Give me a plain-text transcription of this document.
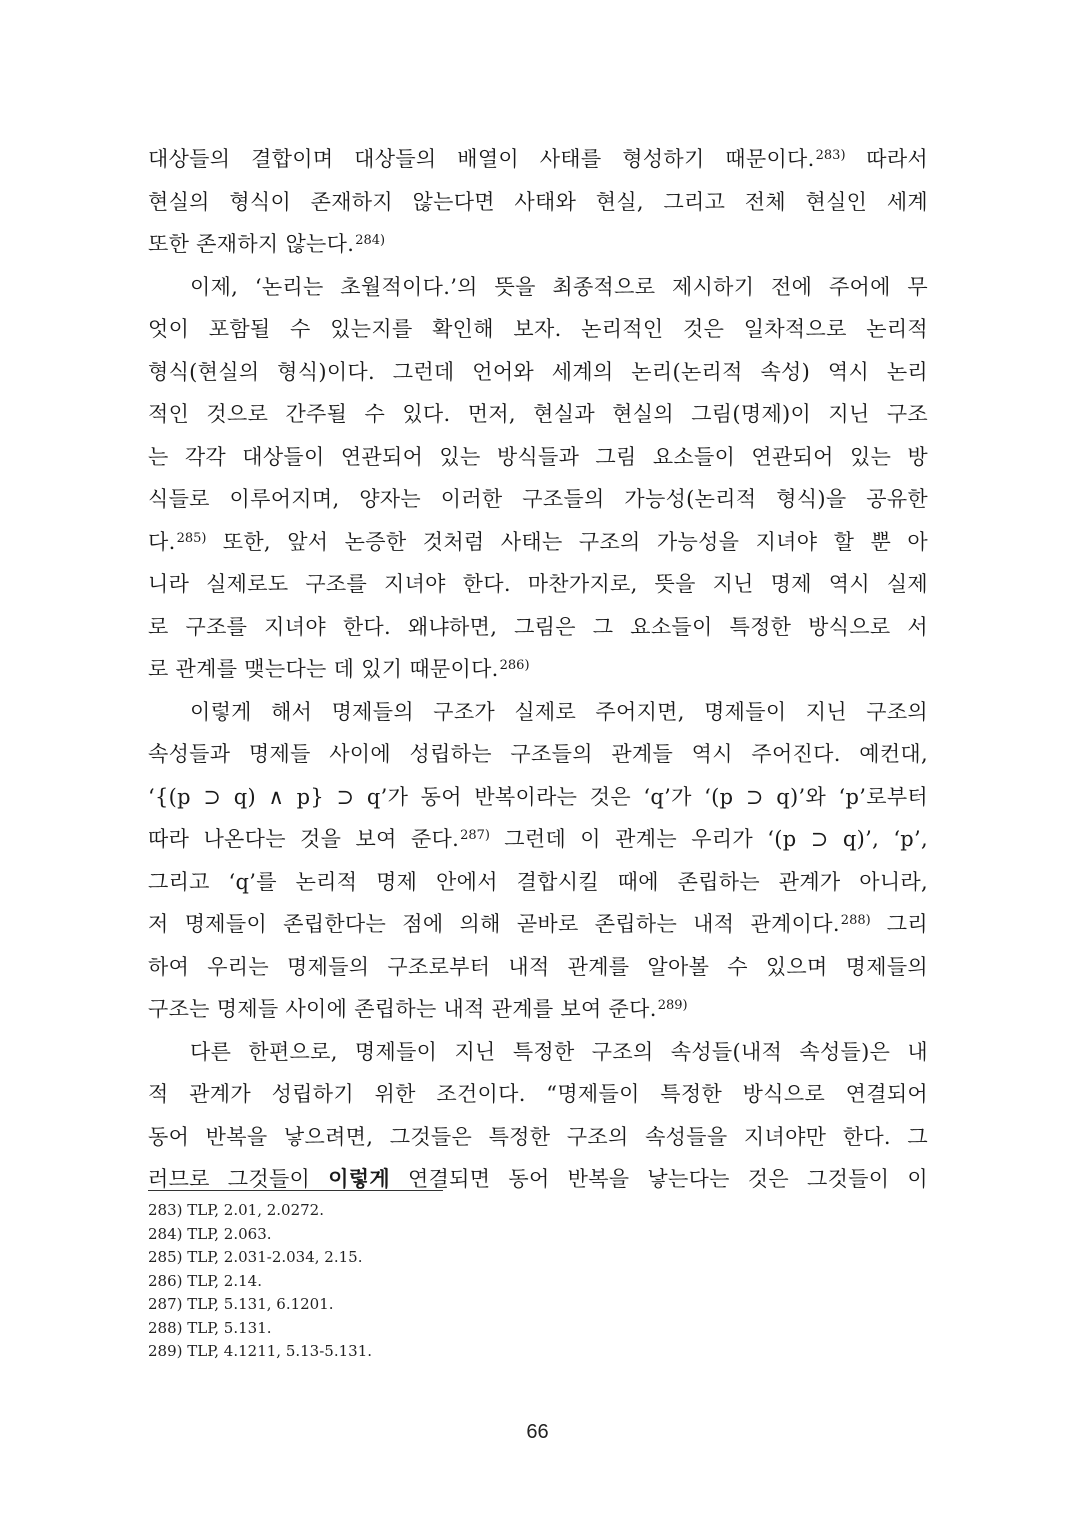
대상들의 결합이며 대상들의 배열이 사태를 형성하기 때문이다.$^{283)}$ 따라서
현실의 형식이 존재하지 않는다면 사태와 현실, 그리고 전체 현실인 세계
또한 존재하지 않는다.$^{284)}$

이제, ‘논리는 초월적이다.’의 뜻을 최종적으로 제시하기 전에 주어에 무
엇이 포함될 수 있는지를 확인해 보자. 논리적인 것은 일차적으로 논리적
형식(현실의 형식)이다. 그런데 언어와 세계의 논리(논리적 속성) 역시 논리
적인 것으로 간주될 수 있다. 먼저, 현실과 현실의 그림(명제)이 지닌 구조
는 각각 대상들이 연관되어 있는 방식들과 그림 요소들이 연관되어 있는 방
식들로 이루어지며, 양자는 이러한 구조들의 가능성(논리적 형식)을 공유한
다.$^{285)}$ 또한, 앞서 논증한 것처럼 사태는 구조의 가능성을 지녀야 할 뿐 아
니라 실제로도 구조를 지녀야 한다. 마찬가지로, 뜻을 지닌 명제 역시 실제
로 구조를 지녀야 한다. 왜냐하면, 그림은 그 요소들이 특정한 방식으로 서
로 관계를 맺는다는 데 있기 때문이다.$^{286)}$

이렇게 해서 명제들의 구조가 실제로 주어지면, 명제들이 지닌 구조의
속성들과 명제들 사이에 성립하는 구조들의 관계들 역시 주어진다. 예컨대,
‘{(p ⊃ q) ∧ p} ⊃ q’가 동어 반복이라는 것은 ‘q’가 ‘(p ⊃ q)’와 ‘p’로부터
따라 나온다는 것을 보여 준다.$^{287)}$ 그런데 이 관계는 우리가 ‘(p ⊃ q)’, ‘p’,
그리고 ‘q’를 논리적 명제 안에서 결합시킬 때에 존립하는 관계가 아니라,
저 명제들이 존립한다는 점에 의해 곧바로 존립하는 내적 관계이다.$^{288)}$ 그리
하여 우리는 명제들의 구조로부터 내적 관계를 알아볼 수 있으며 명제들의
구조는 명제들 사이에 존립하는 내적 관계를 보여 준다.$^{289)}$

다른 한편으로, 명제들이 지닌 특정한 구조의 속성들(내적 속성들)은 내
적 관계가 성립하기 위한 조건이다. “명제들이 특정한 방식으로 연결되어
동어 반복을 낳으려면, 그것들은 특정한 구조의 속성들을 지녀야만 한다. 그
러므로 그것들이 이렇게 연결되면 동어 반복을 낳는다는 것은 그것들이 이

283) TLP, 2.01, 2.0272.
284) TLP, 2.063.
285) TLP, 2.031-2.034, 2.15.
286) TLP, 2.14.
287) TLP, 5.131, 6.1201.
288) TLP, 5.131.
289) TLP, 4.1211, 5.13-5.131.
66
